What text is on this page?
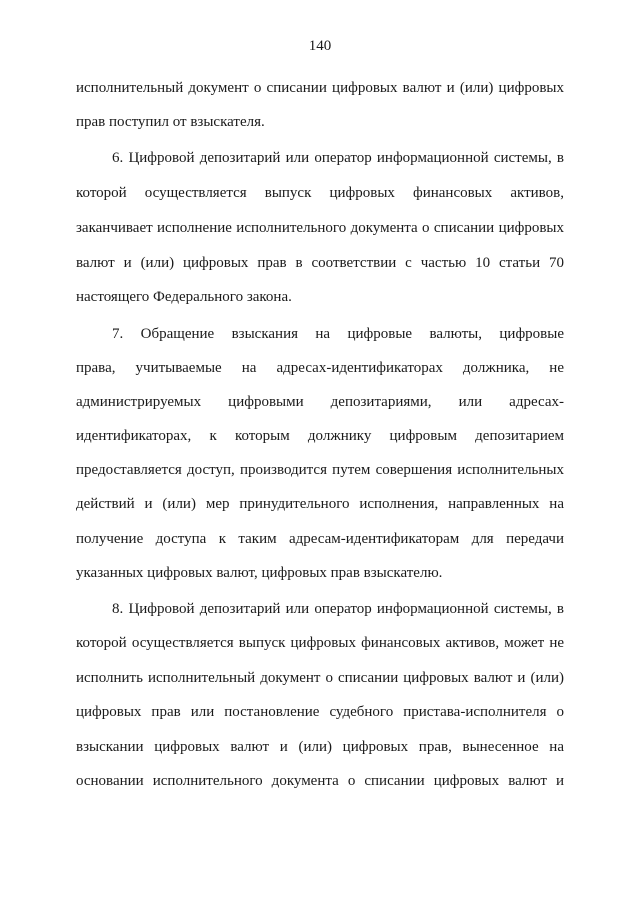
140
исполнительный документ о списании цифровых валют и (или) цифровых
прав поступил от взыскателя.
6. Цифровой депозитарий или оператор информационной системы, в
которой осуществляется выпуск цифровых финансовых активов,
заканчивает исполнение исполнительного документа о списании цифровых
валют и (или) цифровых прав в соответствии с частью 10 статьи 70
настоящего Федерального закона.
7. Обращение взыскания на цифровые валюты, цифровые
права, учитываемые на адресах-идентификаторах должника, не
администрируемых цифровыми депозитариями, или адресах-
идентификаторах, к которым должнику цифровым депозитарием
предоставляется доступ, производится путем совершения исполнительных
действий и (или) мер принудительного исполнения, направленных на
получение доступа к таким адресам-идентификаторам для передачи
указанных цифровых валют, цифровых прав взыскателю.
8. Цифровой депозитарий или оператор информационной системы, в
которой осуществляется выпуск цифровых финансовых активов, может не
исполнить исполнительный документ о списании цифровых валют и (или)
цифровых прав или постановление судебного пристава-исполнителя о
взыскании цифровых валют и (или) цифровых прав, вынесенное на
основании исполнительного документа о списании цифровых валют и
